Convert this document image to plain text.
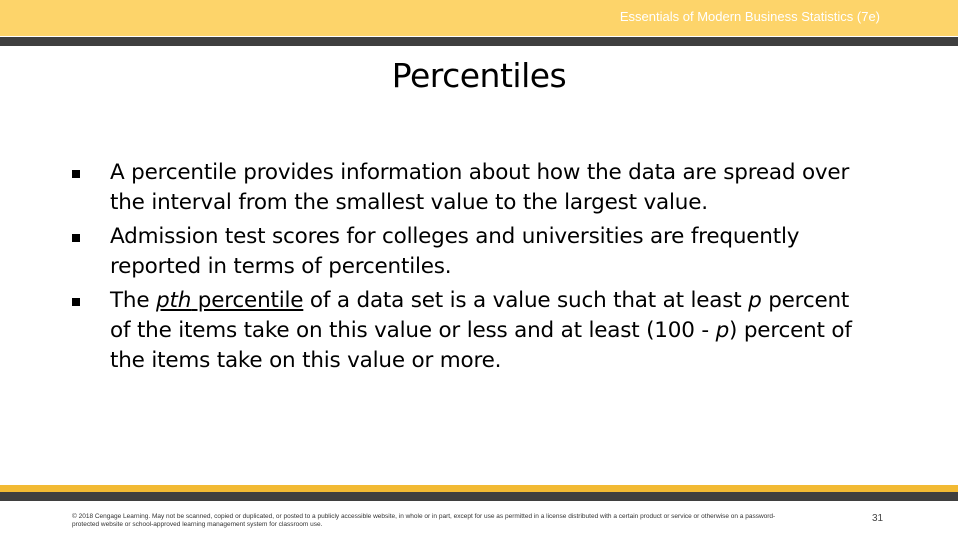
Essentials of Modern Business Statistics (7e)
Percentiles
A percentile provides information about how the data are spread over the interval from the smallest value to the largest value.
Admission test scores for colleges and universities are frequently reported in terms of percentiles.
The pth percentile of a data set is a value such that at least p percent of the items take on this value or less and at least (100 - p) percent of the items take on this value or more.
© 2018 Cengage Learning. May not be scanned, copied or duplicated, or posted to a publicly accessible website, in whole or in part, except for use as permitted in a license distributed with a certain product or service or otherwise on a password-protected website or school-approved learning management system for classroom use.
31
